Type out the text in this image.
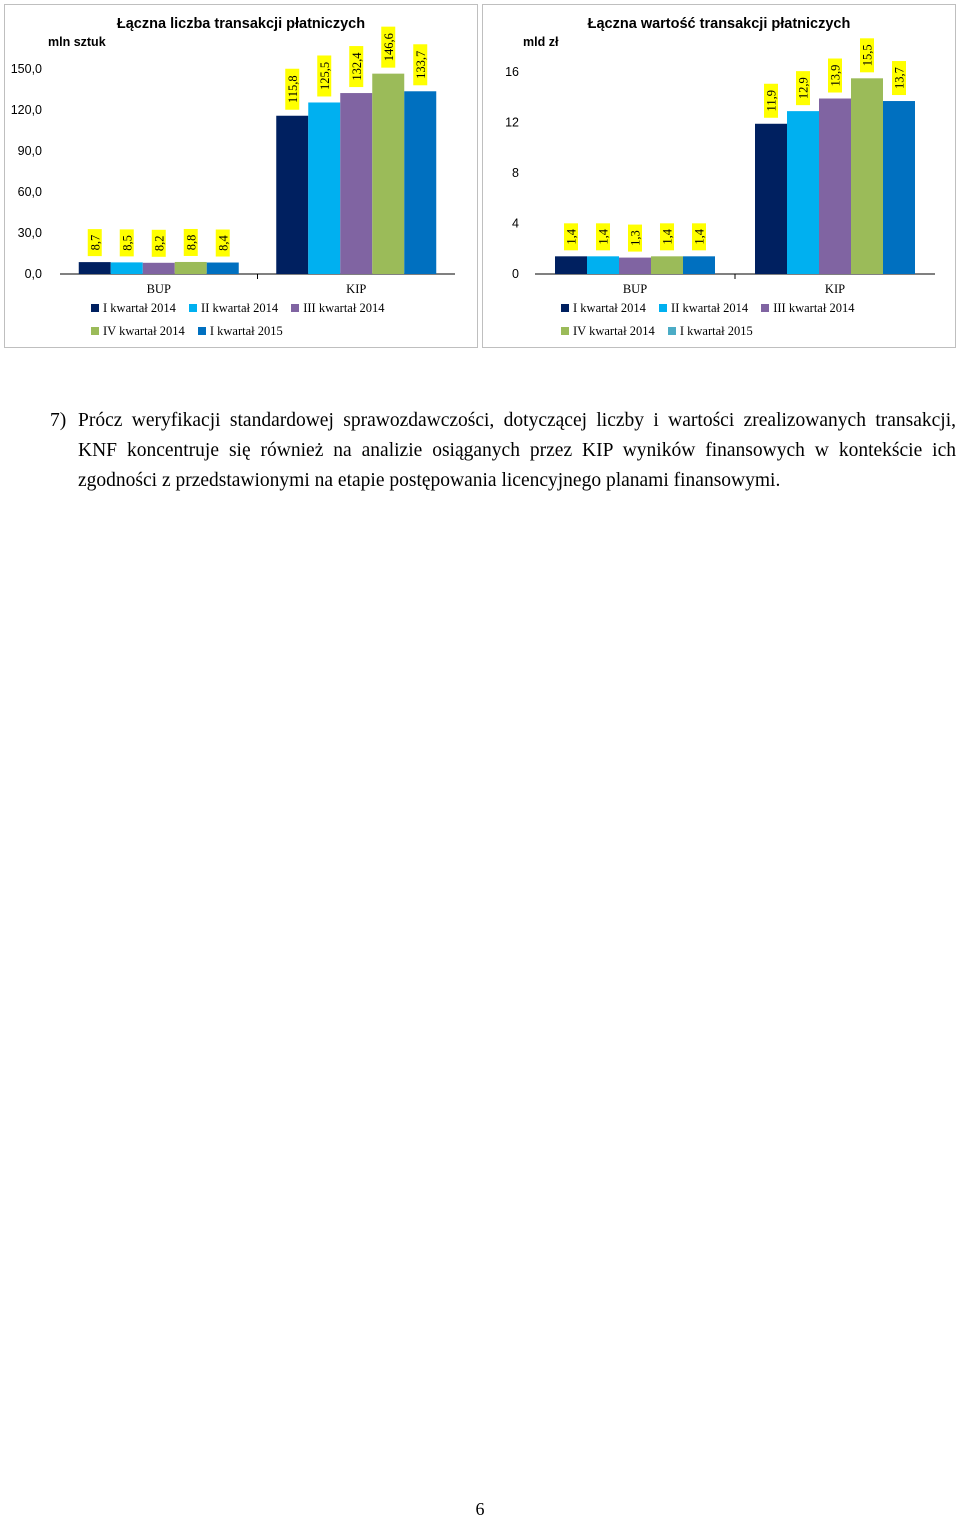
0,0
30,0
60,0
90,0
120,0
150,0
BUP
8,7 8,5 8,2 8,8 8,4
KIP
115,8 125,5 132,4
146,6
133,7
Łączna liczba transakcji płatniczych
mln sztuk
I kwartał 2014 II kwartał 2014 III kwartał 2014
IV kwartał 2014 I kwartał 2015
0
4
8
12
16
BUP
1,4 1,4 1,3 1,4 1,4
KIP
11,9
12,9
13,9
15,5
13,7
Łączna wartość transakcji płatniczych
mld zł
I kwartał 2014 II kwartał 2014 III kwartał 2014
IV kwartał 2014 I kwartał 2015
7) Prócz weryfikacji standardowej sprawozdawczości, dotyczącej liczby i wartości zrealizowanych transakcji, KNF koncentruje się również na analizie osiąganych przez KIP wyników finansowych w kontekście ich zgodności z przedstawionymi na etapie postępowania licencyjnego planami finansowymi.
6
